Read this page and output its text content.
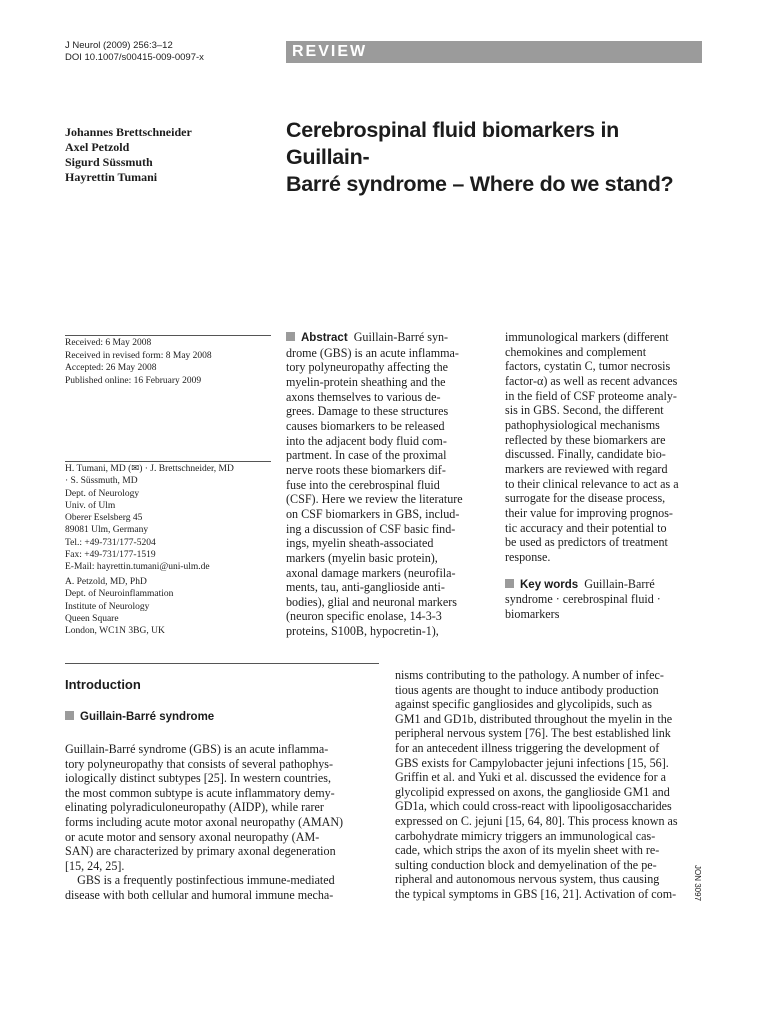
J Neurol (2009) 256:3–12
DOI 10.1007/s00415-009-0097-x	REVIEW
Johannes Brettschneider
Axel Petzold
Sigurd Süssmuth
Hayrettin Tumani
Cerebrospinal fluid biomarkers in Guillain-
Barré syndrome – Where do we stand?
Received: 6 May 2008
Received in revised form: 8 May 2008
Accepted: 26 May 2008
Published online: 16 February 2009
H. Tumani, MD (✉) · J. Brettschneider, MD
· S. Süssmuth, MD
Dept. of Neurology
Univ. of Ulm
Oberer Eselsberg 45
89081 Ulm, Germany
Tel.: +49-731/177-5204
Fax: +49-731/177-1519
E-Mail: hayrettin.tumani@uni-ulm.de
A. Petzold, MD, PhD
Dept. of Neuroinflammation
Institute of Neurology
Queen Square
London, WC1N 3BG, UK
Abstract Guillain-Barré syn-
drome (GBS) is an acute inflamma-
tory polyneuropathy affecting the
myelin-protein sheathing and the
axons themselves to various de-
grees. Damage to these structures
causes biomarkers to be released
into the adjacent body fluid com-
partment. In case of the proximal
nerve roots these biomarkers dif-
fuse into the cerebrospinal fluid
(CSF). Here we review the literature
on CSF biomarkers in GBS, includ-
ing a discussion of CSF basic find-
ings, myelin sheath-associated
markers (myelin basic protein),
axonal damage markers (neurofila-
ments, tau, anti-ganglioside anti-
bodies), glial and neuronal markers
(neuron specific enolase, 14-3-3
proteins, S100B, hypocretin-1),
immunological markers (different
chemokines and complement
factors, cystatin C, tumor necrosis
factor-α) as well as recent advances
in the field of CSF proteome analy-
sis in GBS. Second, the different
pathophysiological mechanisms
reflected by these biomarkers are
discussed. Finally, candidate bio-
markers are reviewed with regard
to their clinical relevance to act as a
surrogate for the disease process,
their value for improving prognos-
tic accuracy and their potential to
be used as predictors of treatment
response.
Key words Guillain-Barré
syndrome · cerebrospinal fluid ·
biomarkers
Introduction
Guillain-Barré syndrome
Guillain-Barré syndrome (GBS) is an acute inflamma-
tory polyneuropathy that consists of several pathophys-
iologically distinct subtypes [25]. In western countries,
the most common subtype is acute inflammatory demy-
elinating polyradiculoneuropathy (AIDP), while rarer
forms including acute motor axonal neuropathy (AMAN)
or acute motor and sensory axonal neuropathy (AM-
SAN) are characterized by primary axonal degeneration
[15, 24, 25].
GBS is a frequently postinfectious immune-mediated
disease with both cellular and humoral immune mecha-
nisms contributing to the pathology. A number of infec-
tious agents are thought to induce antibody production
against specific gangliosides and glycolipids, such as
GM1 and GD1b, distributed throughout the myelin in the
peripheral nervous system [76]. The best established link
for an antecedent illness triggering the development of
GBS exists for Campylobacter jejuni infections [15, 56].
Griffin et al. and Yuki et al. discussed the evidence for a
glycolipid expressed on axons, the ganglioside GM1 and
GD1a, which could cross-react with lipooligosaccharides
expressed on C. jejuni [15, 64, 80]. This process known as
carbohydrate mimicry triggers an immunological cas-
cade, which strips the axon of its myelin sheet with re-
sulting conduction block and demyelination of the pe-
ripheral and autonomous nervous system, thus causing
the typical symptoms in GBS [16, 21]. Activation of com-	JON 3097
